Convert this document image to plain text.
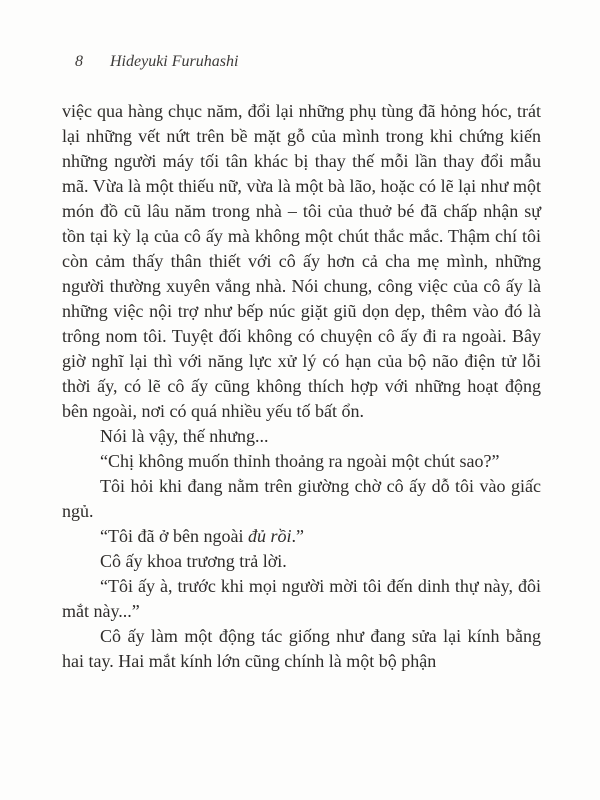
8 Hideyuki Furuhashi

việc qua hàng chục năm, đổi lại những phụ tùng đã hỏng hóc, trát lại những vết nứt trên bề mặt gỗ của mình trong khi chứng kiến những người máy tối tân khác bị thay thế mỗi lần thay đổi mẫu mã. Vừa là một thiếu nữ, vừa là một bà lão, hoặc có lẽ lại như một món đồ cũ lâu năm trong nhà – tôi của thuở bé đã chấp nhận sự tồn tại kỳ lạ của cô ấy mà không một chút thắc mắc. Thậm chí tôi còn cảm thấy thân thiết với cô ấy hơn cả cha mẹ mình, những người thường xuyên vắng nhà. Nói chung, công việc của cô ấy là những việc nội trợ như bếp núc giặt giũ dọn dẹp, thêm vào đó là trông nom tôi. Tuyệt đối không có chuyện cô ấy đi ra ngoài. Bây giờ nghĩ lại thì với năng lực xử lý có hạn của bộ não điện tử lỗi thời ấy, có lẽ cô ấy cũng không thích hợp với những hoạt động bên ngoài, nơi có quá nhiều yếu tố bất ổn.

Nói là vậy, thế nhưng...

“Chị không muốn thỉnh thoảng ra ngoài một chút sao?”

Tôi hỏi khi đang nằm trên giường chờ cô ấy dỗ tôi vào giấc ngủ.

“Tôi đã ở bên ngoài đủ rồi.”

Cô ấy khoa trương trả lời.

“Tôi ấy à, trước khi mọi người mời tôi đến dinh thự này, đôi mắt này...”

Cô ấy làm một động tác giống như đang sửa lại kính bằng hai tay. Hai mắt kính lớn cũng chính là một bộ phận
